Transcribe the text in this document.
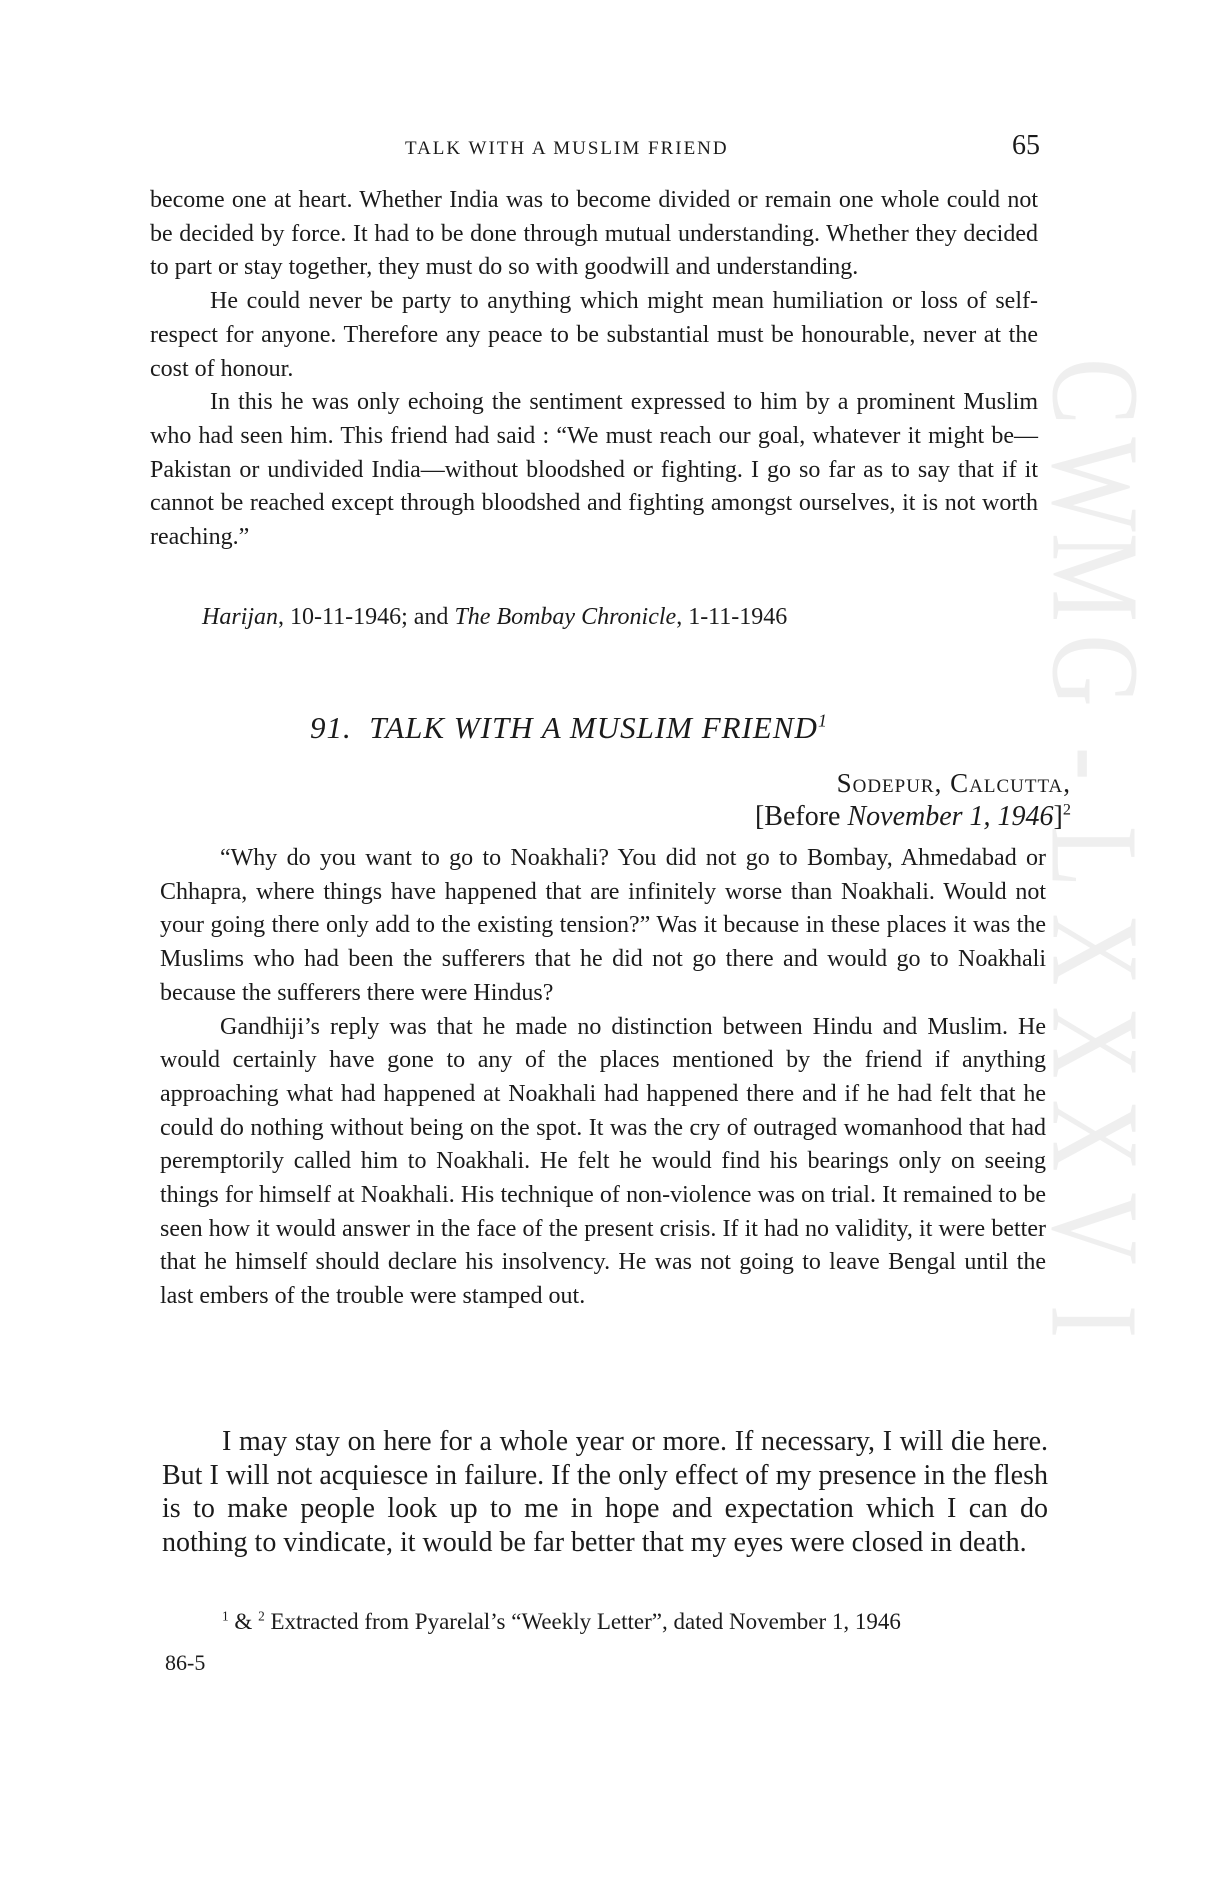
C
W
M
G
-
L
X
X
X
V
I
TALK WITH A MUSLIM FRIEND	65

become one at heart. Whether India was to become divided or remain one whole could not be decided by force. It had to be done through mutual understanding. Whether they decided to part or stay together, they must do so with goodwill and understanding.

He could never be party to anything which might mean humiliation or loss of self-respect for anyone. Therefore any peace to be substantial must be honourable, never at the cost of honour.

In this he was only echoing the sentiment expressed to him by a prominent Muslim who had seen him. This friend had said : “We must reach our goal, whatever it might be—Pakistan or undivided India—without bloodshed or fighting. I go so far as to say that if it cannot be reached except through bloodshed and fighting amongst ourselves, it is not worth reaching.”

Harijan, 10-11-1946; and The Bombay Chronicle, 1-11-1946
91. TALK WITH A MUSLIM FRIEND$^1$
Sodepur, Calcutta,
[Before November 1, 1946]$^2$

“Why do you want to go to Noakhali? You did not go to Bombay, Ahmedabad or Chhapra, where things have happened that are infinitely worse than Noakhali. Would not your going there only add to the existing tension?” Was it because in these places it was the Muslims who had been the sufferers that he did not go there and would go to Noakhali because the sufferers there were Hindus?

Gandhiji’s reply was that he made no distinction between Hindu and Muslim. He would certainly have gone to any of the places mentioned by the friend if anything approaching what had happened at Noakhali had happened there and if he had felt that he could do nothing without being on the spot. It was the cry of outraged womanhood that had peremptorily called him to Noakhali. He felt he would find his bearings only on seeing things for himself at Noakhali. His technique of non-violence was on trial. It remained to be seen how it would answer in the face of the present crisis. If it had no validity, it were better that he himself should declare his insolvency. He was not going to leave Bengal until the last embers of the trouble were stamped out.

I may stay on here for a whole year or more. If necessary, I will die here. But I will not acquiesce in failure. If the only effect of my presence in the flesh is to make people look up to me in hope and expectation which I can do nothing to vindicate, it would be far better that my eyes were closed in death.

$^1$ & $^2$ Extracted from Pyarelal’s “Weekly Letter”, dated November 1, 1946
86-5
